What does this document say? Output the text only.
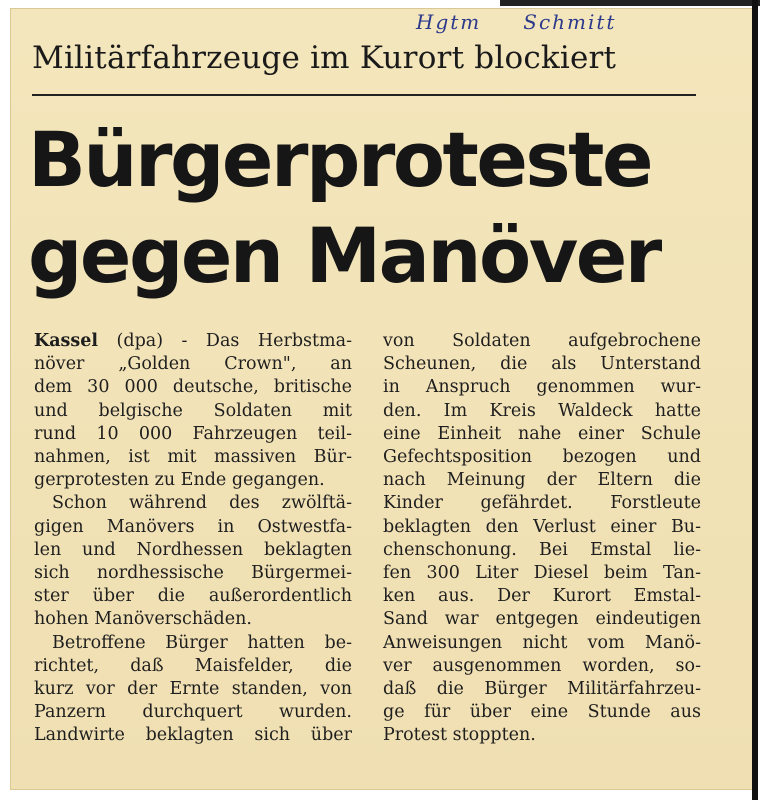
Hgtm Schmitt
Militärfahrzeuge im Kurort blockiert
Bürgerproteste
gegen Manöver
Kassel (dpa) - Das Herbstma-
növer „Golden Crown", an
dem 30 000 deutsche, britische
und belgische Soldaten mit
rund 10 000 Fahrzeugen teil-
nahmen, ist mit massiven Bür-
gerprotesten zu Ende gegangen.
Schon während des zwölftä-
gigen Manövers in Ostwestfa-
len und Nordhessen beklagten
sich nordhessische Bürgermei-
ster über die außerordentlich
hohen Manöverschäden.
Betroffene Bürger hatten be-
richtet, daß Maisfelder, die
kurz vor der Ernte standen, von
Panzern durchquert wurden.
Landwirte beklagten sich über
von Soldaten aufgebrochene
Scheunen, die als Unterstand
in Anspruch genommen wur-
den. Im Kreis Waldeck hatte
eine Einheit nahe einer Schule
Gefechtsposition bezogen und
nach Meinung der Eltern die
Kinder gefährdet. Forstleute
beklagten den Verlust einer Bu-
chenschonung. Bei Emstal lie-
fen 300 Liter Diesel beim Tan-
ken aus. Der Kurort Emstal-
Sand war entgegen eindeutigen
Anweisungen nicht vom Manö-
ver ausgenommen worden, so-
daß die Bürger Militärfahrzeu-
ge für über eine Stunde aus
Protest stoppten.
